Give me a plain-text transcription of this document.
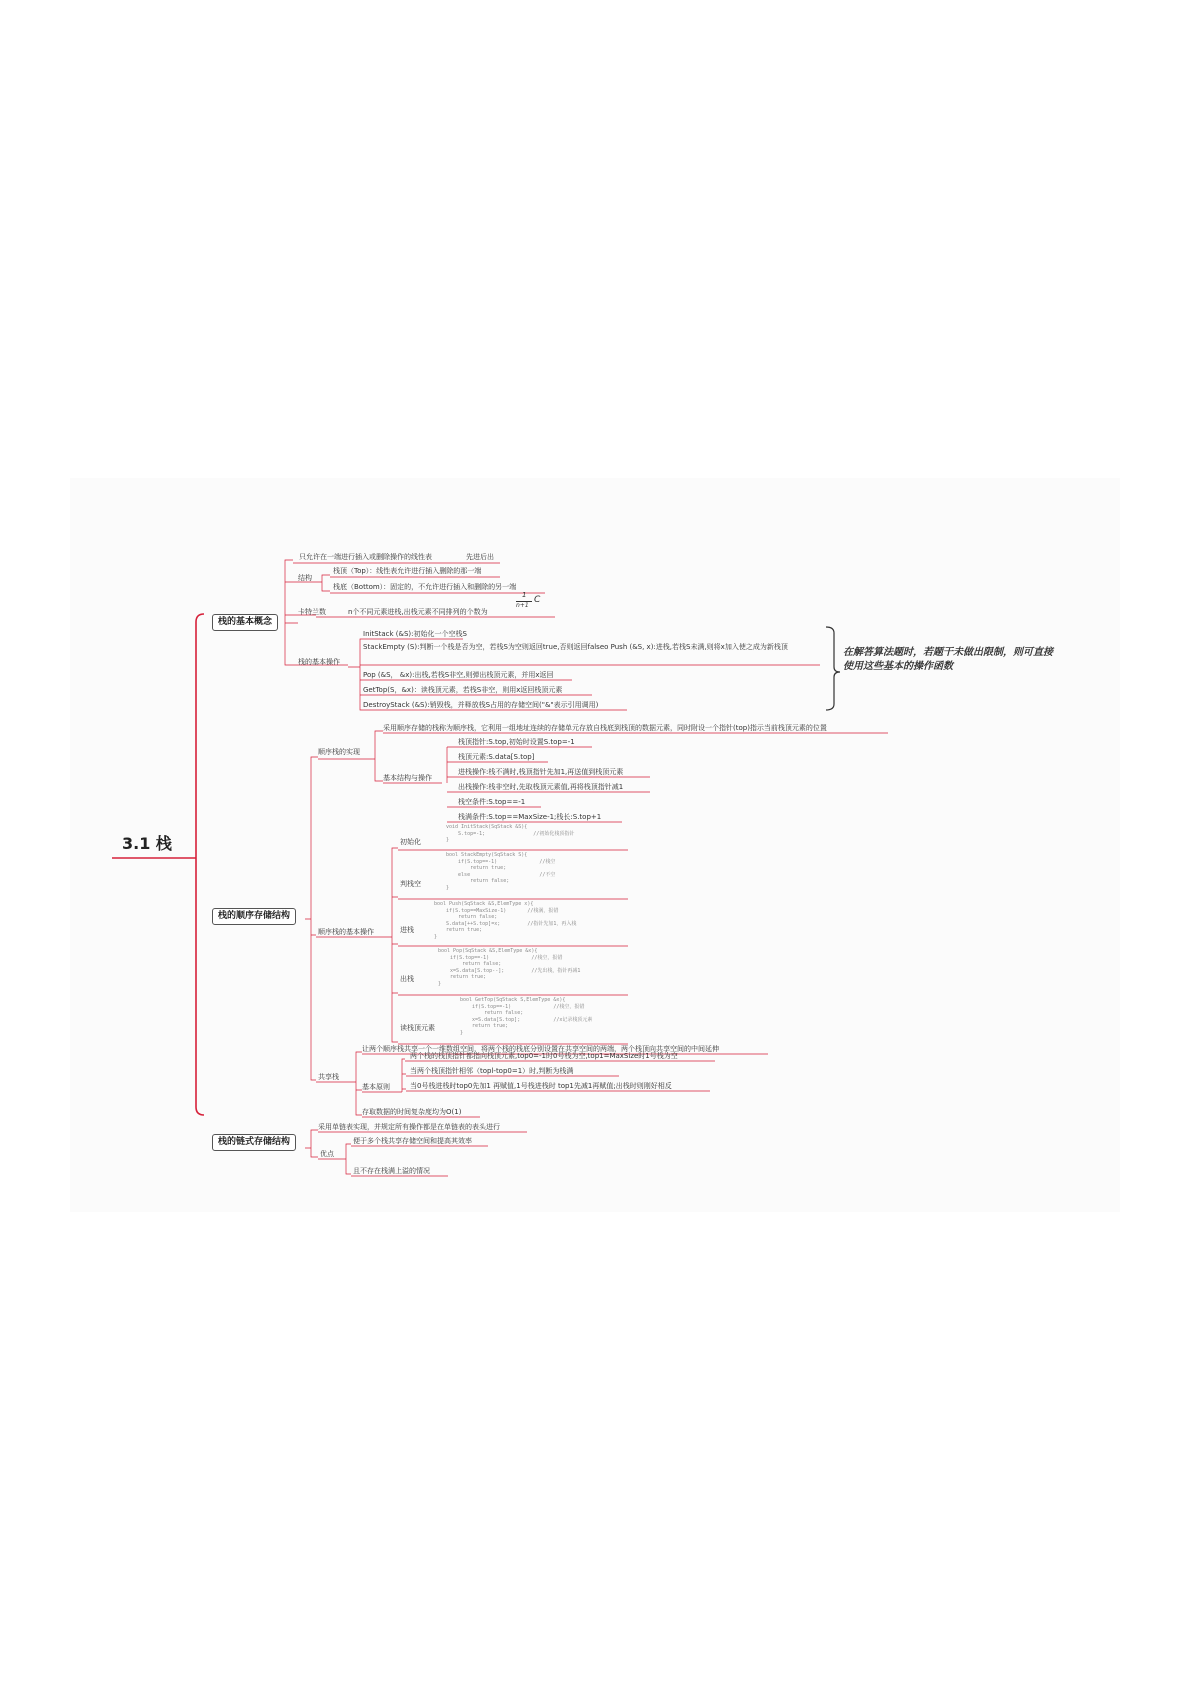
3.1 栈
栈的基本概念
只允许在一端进行插入或删除操作的线性表	先进后出
结构
栈顶（Top）：线性表允许进行插入删除的那一端
栈底（Bottom）：固定的，不允许进行插入和删除的另一端
卡特兰数	n个不同元素进栈,出栈元素不同排列的个数为
1
n+1
C
栈的基本操作
InitStack (&S):初始化一个空栈S
StackEmpty (S):判断一个栈是否为空，若栈S为空则返回true,否则返回falseo Push (&S, x):进栈,若栈S未满,则将x加入使之成为新栈顶
Pop (&S， &x):出栈,若栈S非空,则弹出栈顶元素，并用x返回
GetTop(S，&x)：读栈顶元素，若栈S非空，则用x返回栈顶元素
DestroyStack (&S):销毁栈，并释放栈S占用的存储空间("&"表示引用调用)
在解答算法题时，若题干未做出限制，则可直接
使用这些基本的操作函数
栈的顺序存储结构
顺序栈的实现
采用顺序存储的栈称为顺序栈，它利用一组地址连续的存储单元存放自栈底到栈顶的数据元素，同时附设一个指针(top)指示当前栈顶元素的位置
基本结构与操作
栈顶指针:S.top,初始时设置S.top=-1
栈顶元素:S.data[S.top]
进栈操作:栈不满时,栈顶指针先加1,再送值到栈顶元素
出栈操作:栈非空时,先取栈顶元素值,再将栈顶指针减1
栈空条件:S.top==-1
栈满条件:S.top==MaxSize-1;栈长:S.top+1
顺序栈的基本操作
初始化
判栈空
进栈
出栈
读栈顶元素
void InitStack(SqStack &S){
S.top=-1;                //初始化栈顶指针
}
bool StackEmpty(SqStack S){
if(S.top==-1)              //栈空
return true;
else                       //不空
return false;
}
bool Push(SqStack &S,ElemType x){
if(S.top==MaxSize-1)       //栈满，报错
return false;
S.data[++S.top]=x;         //指针先加1，再入栈
return true;
}
bool Pop(SqStack &S,ElemType &x){
if(S.top==-1)              //栈空，报错
return false;
x=S.data[S.top--];         //先出栈，指针再减1
return true;
}
bool GetTop(SqStack S,ElemType &x){
if(S.top==-1)              //栈空，报错
return false;
x=S.data[S.top];           //x记录栈顶元素
return true;
}
共享栈
让两个顺序栈共享一个一维数组空间，将两个栈的栈底分别设置在共享空间的两端，两个栈顶向共享空间的中间延伸
基本原则
两个栈的栈顶指针都指向栈顶元素,top0=-1时0号栈为空,top1=MaxSize时1号栈为空
当两个栈顶指针相邻（topl-top0=1）时,判断为栈满
当0号栈进栈时top0先加1 再赋值,1号栈进栈时 top1先减1再赋值;出栈时则刚好相反
存取数据的时间复杂度均为O(1)
栈的链式存储结构
采用单链表实现，并规定所有操作都是在单链表的表头进行
优点
便于多个栈共享存储空间和提高其效率
且不存在栈满上溢的情况
